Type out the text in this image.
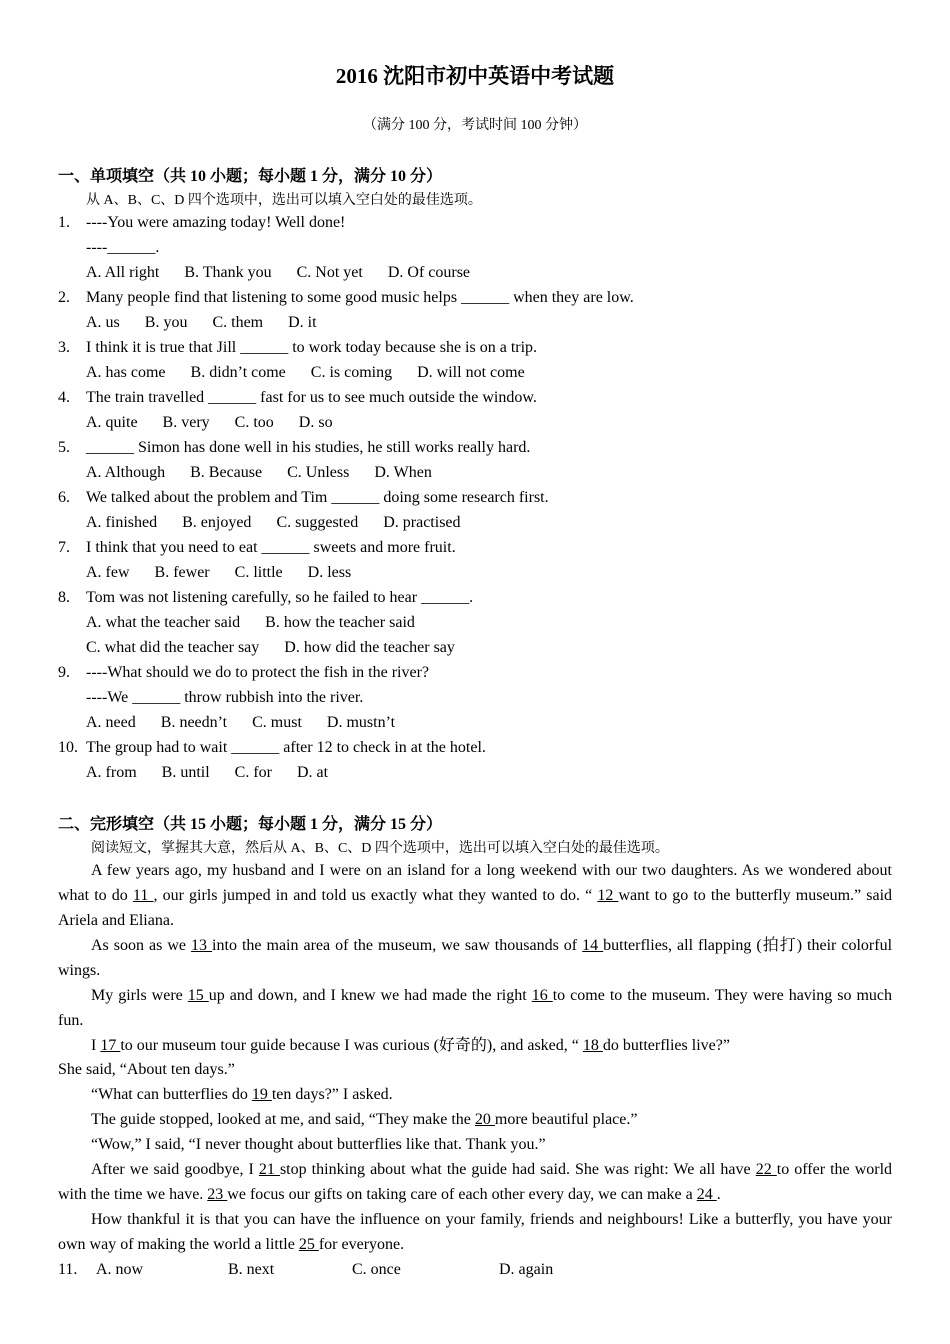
2016 沈阳市初中英语中考试题
（满分 100 分，考试时间 100 分钟）
一、单项填空（共 10 小题；每小题 1 分，满分 10 分）
从 A、B、C、D 四个选项中，选出可以填入空白处的最佳选项。
1. ----You were amazing today! Well done!
----______.
A. All right B. Thank you C. Not yet D. Of course
2. Many people find that listening to some good music helps ______ when they are low.
A. us B. you C. them D. it
3. I think it is true that Jill ______ to work today because she is on a trip.
A. has come B. didn’t come C. is coming D. will not come
4. The train travelled ______ fast for us to see much outside the window.
A. quite B. very C. too D. so
5. ______ Simon has done well in his studies, he still works really hard.
A. Although B. Because C. Unless D. When
6. We talked about the problem and Tim ______ doing some research first.
A. finished B. enjoyed C. suggested D. practised
7. I think that you need to eat ______ sweets and more fruit.
A. few B. fewer C. little D. less
8. Tom was not listening carefully, so he failed to hear ______.
A. what the teacher said B. how the teacher said
C. what did the teacher say D. how did the teacher say
9. ----What should we do to protect the fish in the river?
----We ______ throw rubbish into the river.
A. need B. needn’t C. must D. mustn’t
10. The group had to wait ______ after 12 to check in at the hotel.
A. from B. until C. for D. at
二、完形填空（共 15 小题；每小题 1 分，满分 15 分）
阅读短文，掌握其大意，然后从 A、B、C、D 四个选项中，选出可以填入空白处的最佳选项。

A few years ago, my husband and I were on an island for a long weekend with our two daughters. As we wondered about what to do 11 , our girls jumped in and told us exactly what they wanted to do. “ 12 want to go to the butterfly museum.” said Ariela and Eliana.

As soon as we 13 into the main area of the museum, we saw thousands of 14 butterflies, all flapping (拍打) their colorful wings.

My girls were 15 up and down, and I knew we had made the right 16 to come to the museum. They were having so much fun.

I 17 to our museum tour guide because I was curious (好奇的), and asked, “ 18 do butterflies live?”

She said, “About ten days.”
“What can butterflies do 19 ten days?” I asked.
The guide stopped, looked at me, and said, “They make the 20 more beautiful place.”
“Wow,” I said, “I never thought about butterflies like that. Thank you.”

After we said goodbye, I 21 stop thinking about what the guide had said. She was right: We all have 22 to offer the world with the time we have. 23 we focus our gifts on taking care of each other every day, we can make a 24 .

How thankful it is that you can have the influence on your family, friends and neighbours! Like a butterfly, you have your own way of making the world a little 25 for everyone.

11. A. now	B. next	C. once	D. again
